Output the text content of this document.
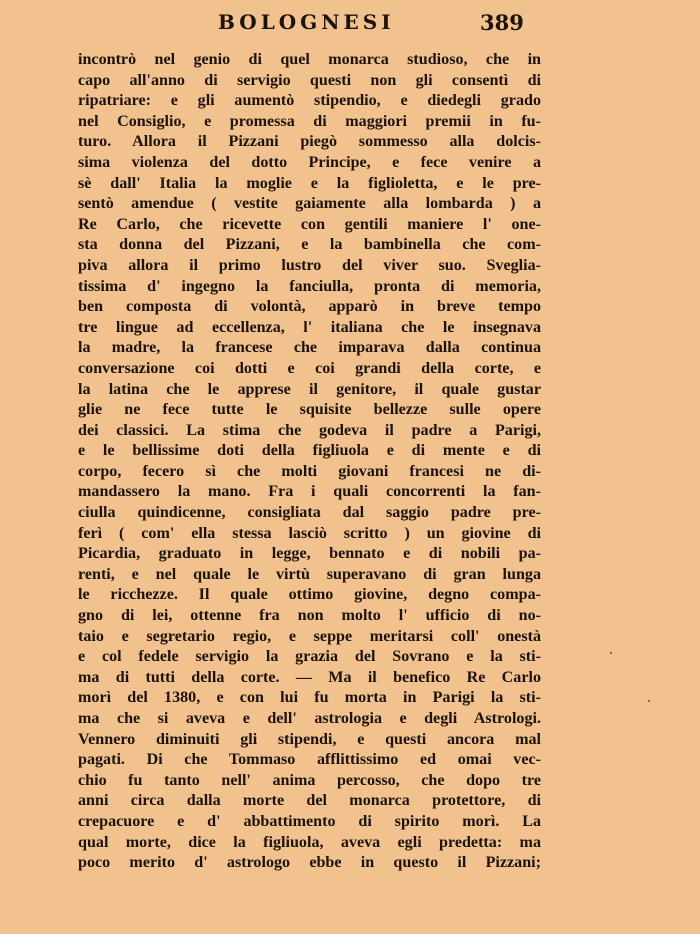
BOLOGNESI	389
incontrò nel genio di quel monarca studioso, che in
capo all'anno di servigio questi non gli consentì di
ripatriare: e gli aumentò stipendio, e diedegli grado
nel Consiglio, e promessa di maggiori premii in fu-
turo. Allora il Pizzani piegò sommesso alla dolcis-
sima violenza del dotto Principe, e fece venire a
sè dall' Italia la moglie e la figlioletta, e le pre-
sentò amendue ( vestite gaiamente alla lombarda ) a
Re Carlo, che ricevette con gentili maniere l' one-
sta donna del Pizzani, e la bambinella che com-
piva allora il primo lustro del viver suo. Sveglia-
tissima d' ingegno la fanciulla, pronta di memoria,
ben composta di volontà, apparò in breve tempo
tre lingue ad eccellenza, l' italiana che le insegnava
la madre, la francese che imparava dalla continua
conversazione coi dotti e coi grandi della corte, e
la latina che le apprese il genitore, il quale gustar
glie ne fece tutte le squisite bellezze sulle opere
dei classici. La stima che godeva il padre a Parigi,
e le bellissime doti della figliuola e di mente e di
corpo, fecero sì che molti giovani francesi ne di-
mandassero la mano. Fra i quali concorrenti la fan-
ciulla quindicenne, consigliata dal saggio padre pre-
ferì ( com' ella stessa lasciò scritto ) un giovine di
Picardia, graduato in legge, bennato e di nobili pa-
renti, e nel quale le virtù superavano di gran lunga
le ricchezze. Il quale ottimo giovine, degno compa-
gno di lei, ottenne fra non molto l' ufficio di no-
taio e segretario regio, e seppe meritarsi coll' onestà
e col fedele servigio la grazia del Sovrano e la sti-
ma di tutti della corte. — Ma il benefico Re Carlo
morì del 1380, e con lui fu morta in Parigi la sti-
ma che si aveva e dell' astrologia e degli Astrologi.
Vennero diminuiti gli stipendi, e questi ancora mal
pagati. Di che Tommaso afflittissimo ed omai vec-
chio fu tanto nell' anima percosso, che dopo tre
anni circa dalla morte del monarca protettore, di
crepacuore e d' abbattimento di spirito morì. La
qual morte, dice la figliuola, aveva egli predetta: ma
poco merito d' astrologo ebbe in questo il Pizzani;
